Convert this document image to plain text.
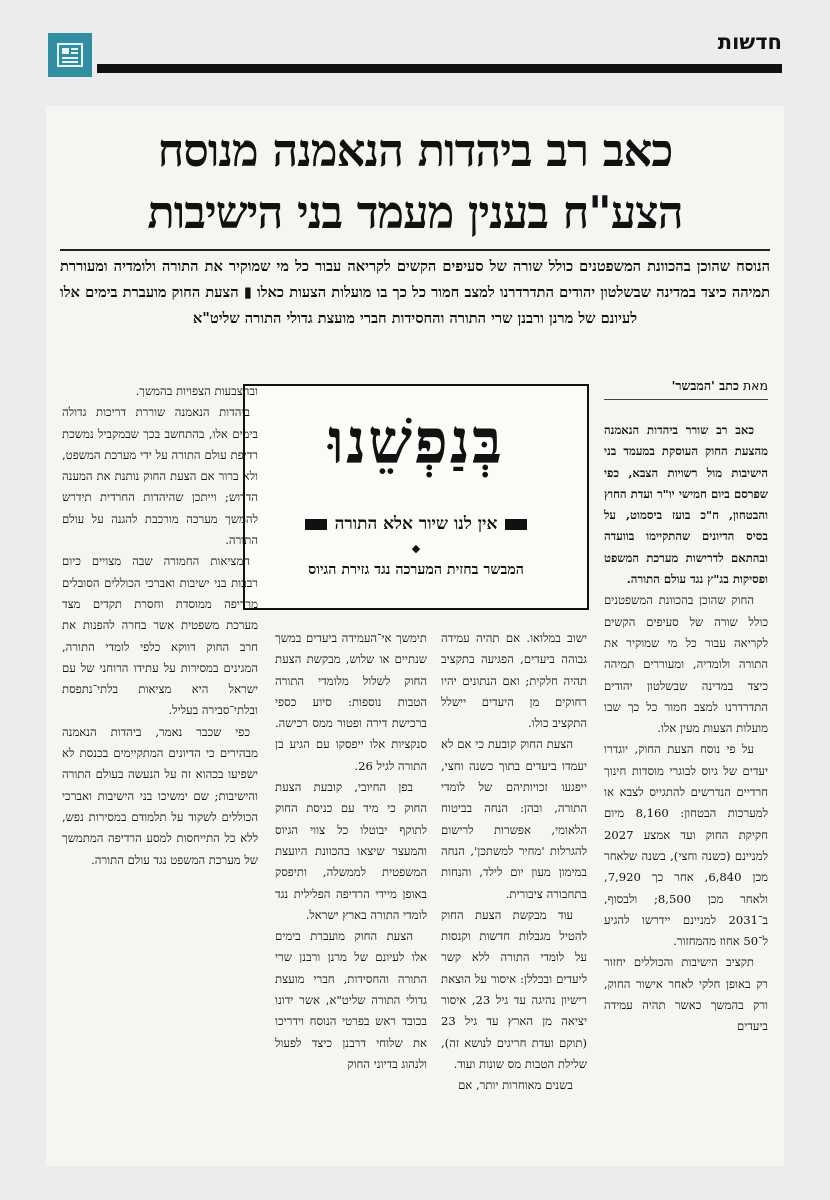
חדשות
כאב רב ביהדות הנאמנה מנוסח
הצע"ח בענין מעמד בני הישיבות
הנוסח שהוכן בהכוונת המשפטנים כולל שורה של סעיפים הקשים לקריאה עבור כל מי שמוקיר את התורה ולומדיה ומעוררת תמיהה כיצד במדינה שבשלטון יהודים התדרדרנו למצב חמור כל כך בו מועלות הצעות כאלו ▮ הצעת החוק מועברת בימים אלו לעיונם של מרנן ורבנן שרי התורה והחסידות חברי מועצת גדולי התורה שליט"א
מאת כתב 'המבשר'

כאב רב שורר ביהדות הנאמנה מהצעת החוק העוסקת במעמד בני הישיבות מול רשויות הצבא, כפי שפרסם ביום חמישי יו"ר ועדת החוץ והבטחון, ח"כ בועז ביסמוט, על בסיס הדיונים שהתקיימו בוועדה ובהתאם לדרישות מערכת המשפט ופסיקות בג"ץ נגד עולם התורה.

החוק שהוכן בהכוונת המשפטנים כולל שורה של סעיפים הקשים לקריאה עבור כל מי שמוקיר את התורה ולומדיה, ומעוררים תמיהה כיצד במדינה שבשלטון יהודים התדרדרנו למצב חמור כל כך שבו מועלות הצעות מעין אלו.

על פי נוסח הצעת החוק, יוגדרו יעדים של גיוס לבוגרי מוסדות חינוך חרדיים הנדרשים להתגייס לצבא או למערכות הבטחון: 8,160 מיום חקיקת החוק ועד אמצע 2027 למניינם (כשנה וחצי), בשנה שלאחר מכן 6,840, אחר כך 7,920, ולאחר מכן 8,500; ולבסוף, ב־2031 למניינם יידרשו להגיע ל־50 אחוז מהמחזור.

תקציב הישיבות והכוללים יחזור רק באופן חלקי לאחר אישור החוק, ורק בהמשך כאשר תהיה עמידה ביעדים

בְּנַפְשֵׁנוּ
אין לנו שיור אלא התורה
◆
המבשר בחזית המערכה נגד גזירת הגיוס

ישוב במלואו. אם תהיה עמידה גבוהה ביעדים, הפגיעה בתקציב תהיה חלקית; ואם הנתונים יהיו רחוקים מן היעדים יישלל התקציב כולו.

הצעת החוק קובעת כי אם לא יעמדו ביעדים בתוך כשנה וחצי, ייפגעו זכויותיהם של לומדי התורה, ובהן: הנחה בביטוח הלאומי, אפשרות לרישום להגרלות 'מחיר למשתכן', הנחה במימון מעון יום לילד, והנחות בתחבורה ציבורית.

עוד מבקשת הצעת החוק להטיל מגבלות חדשות וקנסות על לומדי התורה ללא קשר ליעדים ובכללן: איסור על הוצאת רישיון נהיגה עד גיל 23, איסור יציאה מן הארץ עד גיל 23 (תוקם ועדת חריגים לנושא זה), שלילת הטבות מס שונות ועוד.

בשנים מאוחרות יותר, אם

תימשך אי־העמידה ביעדים במשך שנתיים או שלוש, מבקשת הצעת החוק לשלול מלומדי התורה הטבות נוספות: סיוע כספי ברכישת דירה ופטור ממס רכישה. סנקציות אלו ייפסקו עם הגיע בן התורה לגיל 26.

בפן החיובי, קובעת הצעת החוק כי מיד עם כניסת החוק לתוקף יבוטלו כל צווי הגיוס והמעצר שיצאו בהכוונת היועצת המשפטית לממשלה, ותיפסק באופן מיידי הרדיפה הפלילית נגד לומדי התורה בארץ ישראל.

הצעת החוק מועברת בימים אלו לעיונם של מרנן ורבנן שרי התורה והחסידות, חברי מועצת גדולי התורה שליט"א, אשר ידונו בכובד ראש בפרטי הנוסח וידריכו את שלוחי דרבנן כיצד לפעול ולנהוג בדיוני החוק

ובהצבעות הצפויות בהמשך.

ביהדות הנאמנה שוררת דריכות גדולה בימים אלו, בהתחשב בכך שבמקביל נמשכת רדיפת עולם התורה על ידי מערכת המשפט, ולא ברור אם הצעת החוק נותנת את המענה הדרוש; וייתכן שהיהדות החרדית תידרש להמשך מערכה מורכבת להגנה על עולם התורה.

המציאות החמורה שבה מצויים כיום רבבות בני ישיבות ואברכי הכוללים הסובלים מרדיפה ממוסדת וחסרת תקדים מצד מערכת משפטית אשר בחרה להפנות את חרב החוק דווקא כלפי לומדי התורה, המגינים במסירות על עתידו הרוחני של עם ישראל היא מציאות בלתי־נתפסת ובלתי־סבירה בעליל.

כפי שכבר נאמר, ביהדות הנאמנה מבהירים כי הדיונים המתקיימים בכנסת לא ישפיעו בכהוא זה על הנעשה בעולם התורה והישיבות; שם ימשיכו בני הישיבות ואברכי הכוללים לשקוד על תלמודם במסירות נפש, ללא כל התייחסות למסע הרדיפה המתמשך של מערכת המשפט נגד עולם התורה.
